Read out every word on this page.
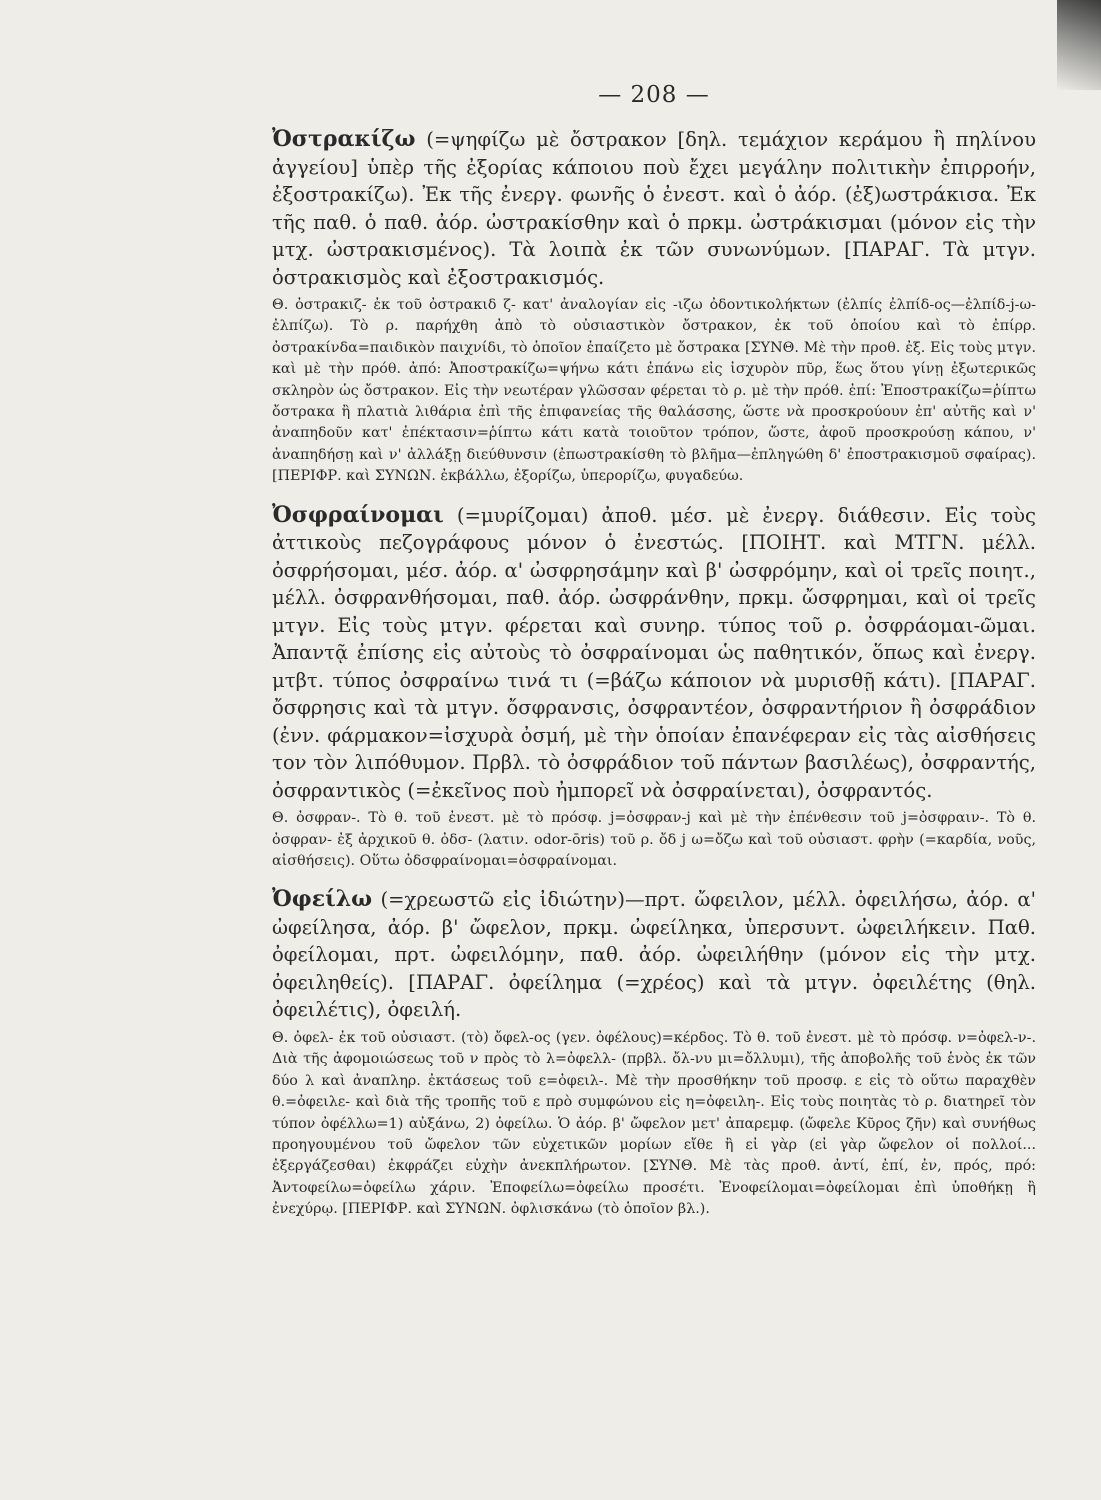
— 208 —

Ὀστρακίζω (=ψηφίζω μὲ ὄστρακον [δηλ. τεμάχιον κεράμου ἢ πηλίνου ἀγγείου] ὑπὲρ τῆς ἐξορίας κάποιου ποὺ ἔχει μεγάλην πολιτικὴν ἐπιρροήν, ἐξοστρακίζω). Ἐκ τῆς ἐνεργ. φωνῆς ὁ ἐνεστ. καὶ ὁ ἀόρ. (ἐξ)ωστράκισα. Ἐκ τῆς παθ. ὁ παθ. ἀόρ. ὠστρακίσθην καὶ ὁ πρκμ. ὠστράκισμαι (μόνον εἰς τὴν μτχ. ὠστρακισμένος). Τὰ λοιπὰ ἐκ τῶν συνωνύμων. [ΠΑΡΑΓ. Τὰ μτγν. ὀστρακισμὸς καὶ ἐξοστρακισμός.

Θ. ὀστρακιζ- ἐκ τοῦ ὀστρακιδ ζ- κατ' ἀναλογίαν εἰς -ιζω ὀδοντικολήκτων (ἐλπίς ἐλπίδ-ος—ἐλπίδ-j-ω-ἐλπίζω). Τὸ ρ. παρήχθη ἀπὸ τὸ οὐσιαστικὸν ὄστρακον, ἐκ τοῦ ὁποίου καὶ τὸ ἐπίρρ. ὀστρακίνδα=παιδικὸν παιχνίδι, τὸ ὁποῖον ἐπαίζετο μὲ ὄστρακα [ΣΥΝΘ. Μὲ τὴν προθ. ἐξ. Εἰς τοὺς μτγν. καὶ μὲ τὴν πρόθ. ἀπό: Ἀποστρακίζω=ψήνω κάτι ἐπάνω εἰς ἰσχυρὸν πῦρ, ἕως ὅτου γίνῃ ἐξωτερικῶς σκληρὸν ὡς ὄστρακον. Εἰς τὴν νεωτέραν γλῶσσαν φέρεται τὸ ρ. μὲ τὴν πρόθ. ἐπί: Ἐποστρακίζω=ῥίπτω ὄστρακα ἢ πλατιὰ λιθάρια ἐπὶ τῆς ἐπιφανείας τῆς θαλάσσης, ὥστε νὰ προσκρούουν ἐπ' αὐτῆς καὶ ν' ἀναπηδοῦν κατ' ἐπέκτασιν=ῥίπτω κάτι κατὰ τοιοῦτον τρόπον, ὥστε, ἀφοῦ προσκρούσῃ κάπου, ν' ἀναπηδήσῃ καὶ ν' ἀλλάξῃ διεύθυνσιν (ἐπωστρακίσθη τὸ βλῆμα—ἐπληγώθη δ' ἐποστρακισμοῦ σφαίρας). [ΠΕΡΙΦΡ. καὶ ΣΥΝΩΝ. ἐκβάλλω, ἐξορίζω, ὑπερορίζω, φυγαδεύω.

Ὀσφραίνομαι (=μυρίζομαι) ἀποθ. μέσ. μὲ ἐνεργ. διάθεσιν. Εἰς τοὺς ἀττικοὺς πεζογράφους μόνον ὁ ἐνεστώς. [ΠΟΙΗΤ. καὶ ΜΤΓΝ. μέλλ. ὀσφρήσομαι, μέσ. ἀόρ. α' ὠσφρησάμην καὶ β' ὠσφρόμην, καὶ οἱ τρεῖς ποιητ., μέλλ. ὀσφρανθήσομαι, παθ. ἀόρ. ὠσφράνθην, πρκμ. ὤσφρημαι, καὶ οἱ τρεῖς μτγν. Εἰς τοὺς μτγν. φέρεται καὶ συνηρ. τύπος τοῦ ρ. ὀσφράομαι-ῶμαι. Ἀπαντᾷ ἐπίσης εἰς αὐτοὺς τὸ ὀσφραίνομαι ὡς παθητικόν, ὅπως καὶ ἐνεργ. μτβτ. τύπος ὀσφραίνω τινά τι (=βάζω κάποιον νὰ μυρισθῇ κάτι). [ΠΑΡΑΓ. ὄσφρησις καὶ τὰ μτγν. ὄσφρανσις, ὀσφραντέον, ὀσφραντήριον ἢ ὀσφράδιον (ἐνν. φάρμακον=ἰσχυρὰ ὀσμή, μὲ τὴν ὁποίαν ἐπανέφεραν εἰς τὰς αἰσθήσεις τον τὸν λιπόθυμον. Πρβλ. τὸ ὀσφράδιον τοῦ πάντων βασιλέως), ὀσφραντής, ὀσφραντικὸς (=ἐκεῖνος ποὺ ἠμπορεῖ νὰ ὀσφραίνεται), ὀσφραντός.

Θ. ὀσφραν-. Τὸ θ. τοῦ ἐνεστ. μὲ τὸ πρόσφ. j=ὀσφραν-j καὶ μὲ τὴν ἐπένθεσιν τοῦ j=ὀσφραιν-. Τὸ θ. ὀσφραν- ἐξ ἀρχικοῦ θ. ὀδσ- (λατιν. odor-ōris) τοῦ ρ. ὄδ j ω=ὄζω καὶ τοῦ οὐσιαστ. φρὴν (=καρδία, νοῦς, αἰσθήσεις). Οὕτω ὀδσφραίνομαι=ὀσφραίνομαι.

Ὀφείλω (=χρεωστῶ εἰς ἰδιώτην)—πρτ. ὤφειλον, μέλλ. ὀφειλήσω, ἀόρ. α' ὠφείλησα, ἀόρ. β' ὤφελον, πρκμ. ὠφείληκα, ὑπερσυντ. ὠφειλήκειν. Παθ. ὀφείλομαι, πρτ. ὠφειλόμην, παθ. ἀόρ. ὠφειλήθην (μόνον εἰς τὴν μτχ. ὀφειληθείς). [ΠΑΡΑΓ. ὀφείλημα (=χρέος) καὶ τὰ μτγν. ὀφειλέτης (θηλ. ὀφειλέτις), ὀφειλή.

Θ. ὀφελ- ἐκ τοῦ οὐσιαστ. (τὸ) ὄφελ-ος (γεν. ὀφέλους)=κέρδος. Τὸ θ. τοῦ ἐνεστ. μὲ τὸ πρόσφ. ν=ὀφελ-ν-. Διὰ τῆς ἀφομοιώσεως τοῦ ν πρὸς τὸ λ=ὀφελλ- (πρβλ. ὄλ-νυ μι=ὄλλυμι), τῆς ἀποβολῆς τοῦ ἑνὸς ἐκ τῶν δύο λ καὶ ἀναπληρ. ἐκτάσεως τοῦ ε=ὀφειλ-. Μὲ τὴν προσθήκην τοῦ προσφ. ε εἰς τὸ οὕτω παραχθὲν θ.=ὀφειλε- καὶ διὰ τῆς τροπῆς τοῦ ε πρὸ συμφώνου εἰς η=ὀφειλη-. Εἰς τοὺς ποιητὰς τὸ ρ. διατηρεῖ τὸν τύπον ὀφέλλω=1) αὐξάνω, 2) ὀφείλω. Ὁ ἀόρ. β' ὤφελον μετ' ἀπαρεμφ. (ὤφελε Κῦρος ζῆν) καὶ συνήθως προηγουμένου τοῦ ὤφελον τῶν εὐχετικῶν μορίων εἴθε ἢ εἰ γὰρ (εἰ γὰρ ὤφελον οἱ πολλοί... ἐξεργάζεσθαι) ἐκφράζει εὐχὴν ἀνεκπλήρωτον. [ΣΥΝΘ. Μὲ τὰς προθ. ἀντί, ἐπί, ἐν, πρός, πρό: Ἀντοφείλω=ὀφείλω χάριν. Ἐποφείλω=ὀφείλω προσέτι. Ἐνοφείλομαι=ὀφείλομαι ἐπὶ ὑποθήκῃ ἢ ἐνεχύρῳ. [ΠΕΡΙΦΡ. καὶ ΣΥΝΩΝ. ὀφλισκάνω (τὸ ὁποῖον βλ.).
